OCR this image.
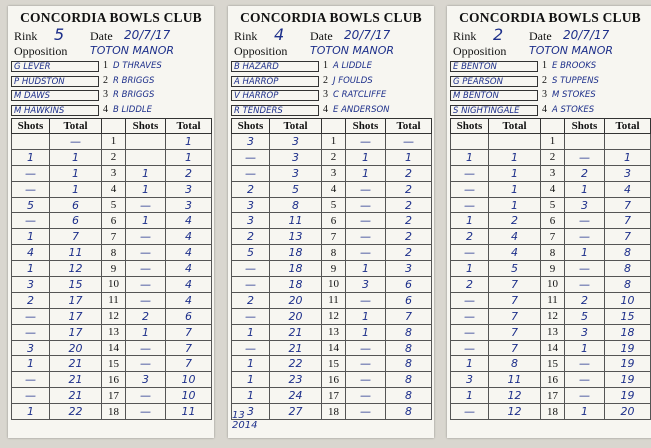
CONCORDIA BOWLS CLUB
Rink 5 Date 20/7/17
Opposition TOTON MANOR
G LEVER	1 D THRAVES
P HUDSTON	2 R BRIGGS
M DAWS	3 R BRIGGS
M HAWKINS	4 B LIDDLE
Shots	Total		Shots	Total
	—	1		1
1	1	2		1
—	1	3	1	2
—	1	4	1	3
5	6	5	—	3
—	6	6	1	4
1	7	7	—	4
4	11	8	—	4
1	12	9	—	4
3	15	10	—	4
2	17	11	—	4
—	17	12	2	6
—	17	13	1	7
3	20	14	—	7
1	21	15	—	7
—	21	16	3	10
—	21	17	—	10
1	22	18	—	11
CONCORDIA BOWLS CLUB
Rink 4 Date 20/7/17
Opposition TOTON MANOR
B HAZARD	1 A LIDDLE
A HARROP	2 J FOULDS
V HARROP	3 C RATCLIFFE
R TENDERS	4 E ANDERSON
Shots	Total		Shots	Total
3	3	1	—	—
—	3	2	1	1
—	3	3	1	2
2	5	4	—	2
3	8	5	—	2
3	11	6	—	2
2	13	7	—	2
5	18	8	—	2
—	18	9	1	3
—	18	10	3	6
2	20	11	—	6
—	20	12	1	7
1	21	13	1	8
—	21	14	—	8
1	22	15	—	8
1	23	16	—	8
1	24	17	—	8
3	27	18	—	8
13
2014
CONCORDIA BOWLS CLUB
Rink 2 Date 20/7/17
Opposition TOTON MANOR
E BENTON	1 E BROOKS
G PEARSON	2 S TUPPENS
M BENTON	3 M STOKES
S NIGHTINGALE	4 A STOKES
Shots	Total		Shots	Total
		1		
1	1	2	—	1
—	1	3	2	3
—	1	4	1	4
—	1	5	3	7
1	2	6	—	7
2	4	7	—	7
—	4	8	1	8
1	5	9	—	8
2	7	10	—	8
—	7	11	2	10
—	7	12	5	15
—	7	13	3	18
—	7	14	1	19
1	8	15	—	19
3	11	16	—	19
1	12	17	—	19
—	12	18	1	20
